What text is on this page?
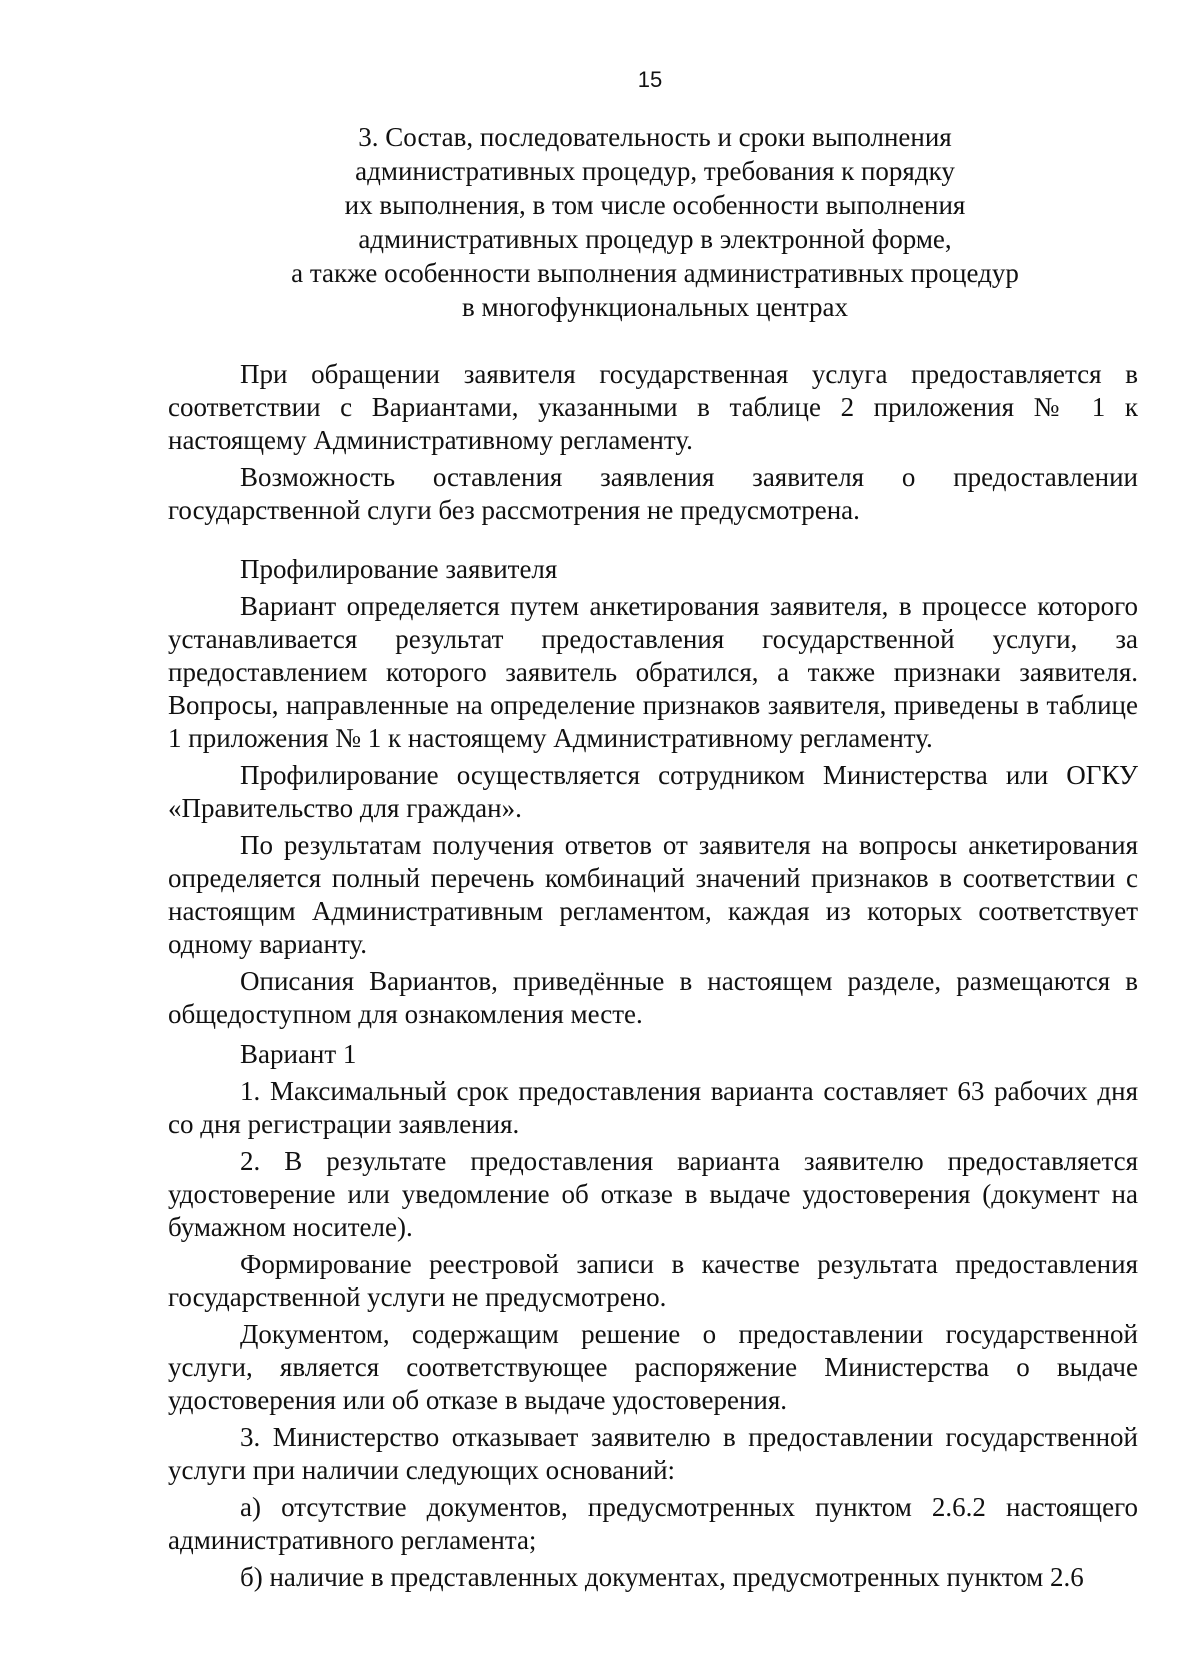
15
3. Состав, последовательность и сроки выполнения
административных процедур, требования к порядку
их выполнения, в том числе особенности выполнения
административных процедур в электронной форме,
а также особенности выполнения административных процедур
в многофункциональных центрах

При обращении заявителя государственная услуга предоставляется в соответствии с Вариантами, указанными в таблице 2 приложения № 1 к настоящему Административному регламенту.

Возможность оставления заявления заявителя о предоставлении государственной слуги без рассмотрения не предусмотрена.

Профилирование заявителя

Вариант определяется путем анкетирования заявителя, в процессе которого устанавливается результат предоставления государственной услуги, за предоставлением которого заявитель обратился, а также признаки заявителя. Вопросы, направленные на определение признаков заявителя, приведены в таблице 1 приложения № 1 к настоящему Административному регламенту.

Профилирование осуществляется сотрудником Министерства или ОГКУ «Правительство для граждан».

По результатам получения ответов от заявителя на вопросы анкетирования определяется полный перечень комбинаций значений признаков в соответствии с настоящим Административным регламентом, каждая из которых соответствует одному варианту.

Описания Вариантов, приведённые в настоящем разделе, размещаются в общедоступном для ознакомления месте.

Вариант 1

1. Максимальный срок предоставления варианта составляет 63 рабочих дня со дня регистрации заявления.

2. В результате предоставления варианта заявителю предоставляется удостоверение или уведомление об отказе в выдаче удостоверения (документ на бумажном носителе).

Формирование реестровой записи в качестве результата предоставления государственной услуги не предусмотрено.

Документом, содержащим решение о предоставлении государственной услуги, является соответствующее распоряжение Министерства о выдаче удостоверения или об отказе в выдаче удостоверения.

3. Министерство отказывает заявителю в предоставлении государственной услуги при наличии следующих оснований:

а) отсутствие документов, предусмотренных пунктом 2.6.2 настоящего административного регламента;

б) наличие в представленных документах, предусмотренных пунктом 2.6
